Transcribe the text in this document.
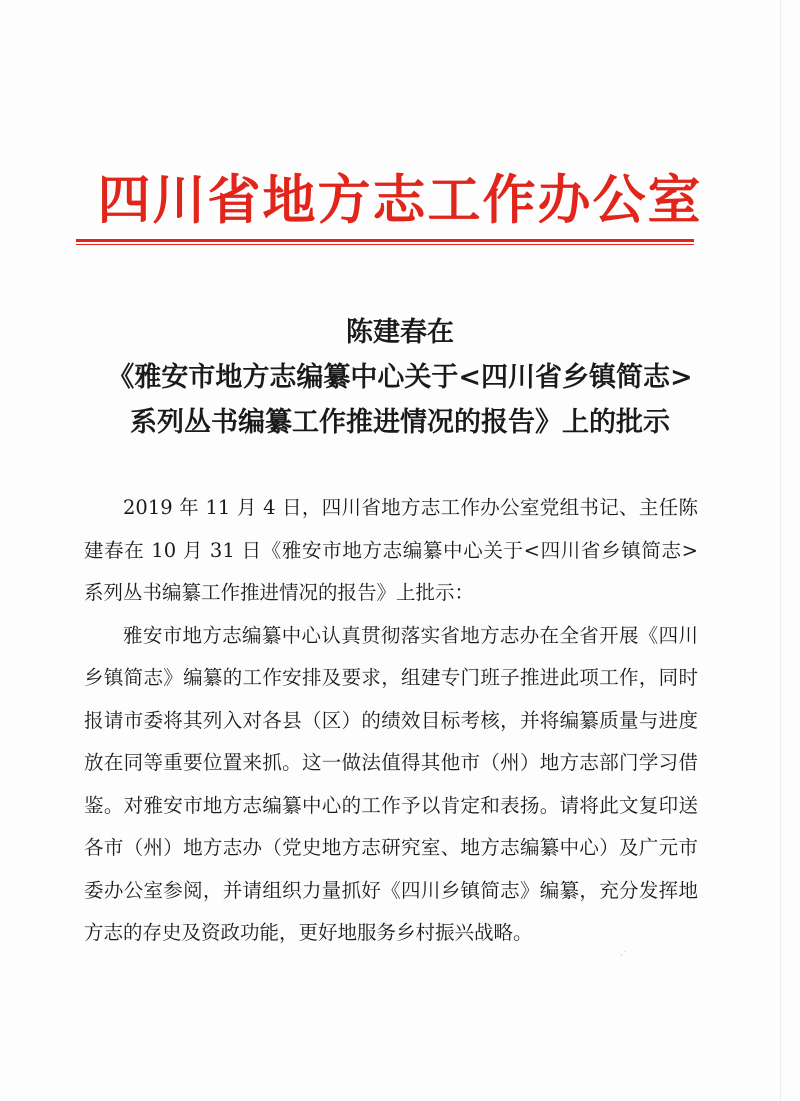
四川省地方志工作办公室
陈建春在
《雅安市地方志编纂中心关于<四川省乡镇简志>
系列丛书编纂工作推进情况的报告》上的批示

2019 年 11 月 4 日，四川省地方志工作办公室党组书记、主任陈建春在 10 月 31 日《雅安市地方志编纂中心关于<四川省乡镇简志>系列丛书编纂工作推进情况的报告》上批示：

雅安市地方志编纂中心认真贯彻落实省地方志办在全省开展《四川乡镇简志》编纂的工作安排及要求，组建专门班子推进此项工作，同时报请市委将其列入对各县（区）的绩效目标考核，并将编纂质量与进度放在同等重要位置来抓。这一做法值得其他市（州）地方志部门学习借鉴。对雅安市地方志编纂中心的工作予以肯定和表扬。请将此文复印送各市（州）地方志办（党史地方志研究室、地方志编纂中心）及广元市委办公室参阅，并请组织力量抓好《四川乡镇简志》编纂，充分发挥地方志的存史及资政功能，更好地服务乡村振兴战略。

·˙
